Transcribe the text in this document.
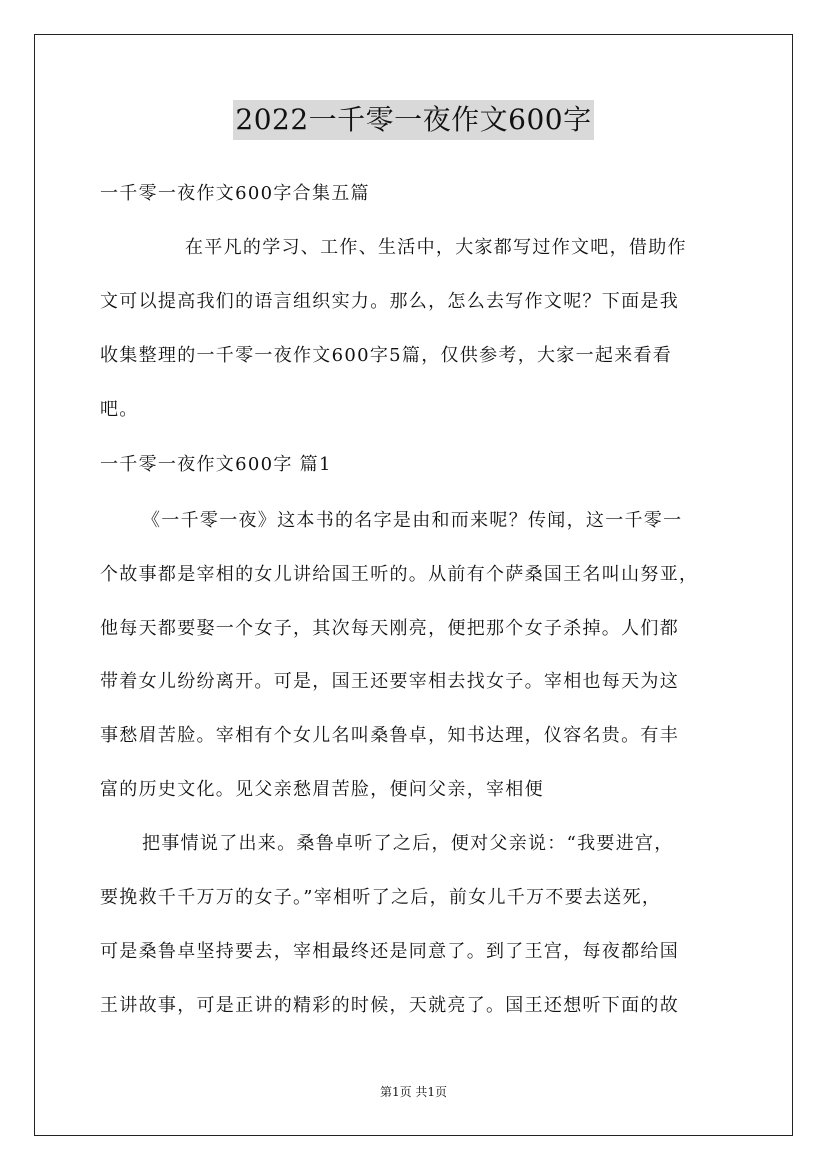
2022一千零一夜作文600字
一千零一夜作文600字合集五篇
在平凡的学习、工作、生活中，大家都写过作文吧，借助作
文可以提高我们的语言组织实力。那么，怎么去写作文呢？下面是我
收集整理的一千零一夜作文600字5篇，仅供参考，大家一起来看看
吧。
一千零一夜作文600字 篇1
《一千零一夜》这本书的名字是由和而来呢？传闻，这一千零一
个故事都是宰相的女儿讲给国王听的。从前有个萨桑国王名叫山努亚，
他每天都要娶一个女子，其次每天刚亮，便把那个女子杀掉。人们都
带着女儿纷纷离开。可是，国王还要宰相去找女子。宰相也每天为这
事愁眉苦脸。宰相有个女儿名叫桑鲁卓，知书达理，仪容名贵。有丰
富的历史文化。见父亲愁眉苦脸，便问父亲，宰相便
把事情说了出来。桑鲁卓听了之后，便对父亲说：“我要进宫，
要挽救千千万万的女子。”宰相听了之后，前女儿千万不要去送死，
可是桑鲁卓坚持要去，宰相最终还是同意了。到了王宫，每夜都给国
王讲故事，可是正讲的精彩的时候，天就亮了。国王还想听下面的故
第1页 共1页
